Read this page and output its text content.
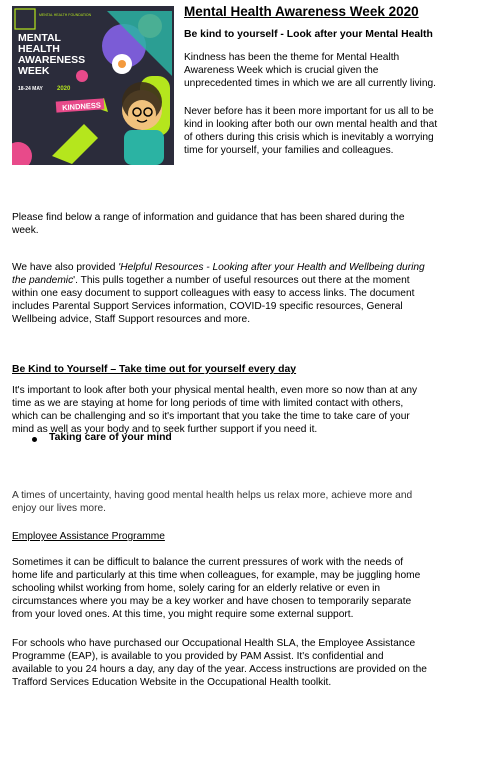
MENTAL HEALTH FOUNDATION
MENTAL
HEALTH
AWARENESS
WEEK
18-24 MAY 2020
KINDNESS

Mental Health Awareness Week 2020

Be kind to yourself - Look after your Mental Health

Kindness has been the theme for Mental Health

Awareness Week which is crucial given the

unprecedented times in which we are all currently living.

Never before has it been more important for us all to be

kind in looking after both our own mental health and that

of others during this crisis which is inevitably a worrying

time for yourself, your families and colleagues.

Please find below a range of information and guidance that has been shared during the

week.

We have also provided 'Helpful Resources - Looking after your Health and Wellbeing during

the pandemic'. This pulls together a number of useful resources out there at the moment

within one easy document to support colleagues with easy to access links. The document

includes Parental Support Services information, COVID-19 specific resources, General

Wellbeing advice, Staff Support resources and more.

Be Kind to Yourself – Take time out for yourself every day

It's important to look after both your physical mental health, even more so now than at any

time as we are staying at home for long periods of time with limited contact with others,

which can be challenging and so it's important that you take the time to take care of your

mind as well as your body and to seek further support if you need it.

Taking care of your mind

A times of uncertainty, having good mental health helps us relax more, achieve more and

enjoy our lives more.

Employee Assistance Programme

Sometimes it can be difficult to balance the current pressures of work with the needs of

home life and particularly at this time when colleagues, for example, may be juggling home

schooling whilst working from home, solely caring for an elderly relative or even in

circumstances where you may be a key worker and have chosen to temporarily separate

from your loved ones. At this time, you might require some external support.

For schools who have purchased our Occupational Health SLA, the Employee Assistance

Programme (EAP), is available to you provided by PAM Assist. It's confidential and

available to you 24 hours a day, any day of the year. Access instructions are provided on the

Trafford Services Education Website in the Occupational Health toolkit.
